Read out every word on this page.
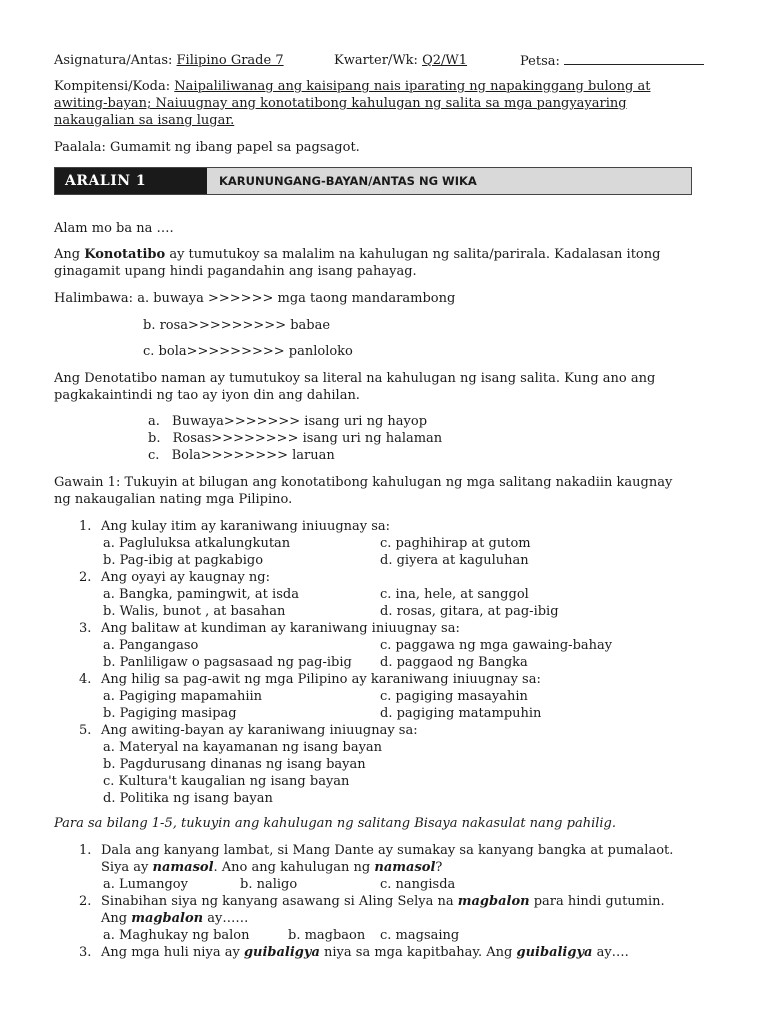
Asignatura/Antas: Filipino Grade 7	Kwarter/Wk: Q2/W1	Petsa:
Kompitensi/Koda: Naipaliliwanag ang kaisipang nais iparating ng napakinggang bulong at
awiting-bayan; Naiuugnay ang konotatibong kahulugan ng salita sa mga pangyayaring
nakaugalian sa isang lugar.
Paalala: Gumamit ng ibang papel sa pagsagot.
ARALIN 1	KARUNUNGANG-BAYAN/ANTAS NG WIKA
Alam mo ba na ….
Ang Konotatibo ay tumutukoy sa malalim na kahulugan ng salita/parirala. Kadalasan itong
ginagamit upang hindi pagandahin ang isang pahayag.
Halimbawa: a. buwaya >>>>>> mga taong mandarambong
b. rosa>>>>>>>>> babae
c. bola>>>>>>>>> panloloko
Ang Denotatibo naman ay tumutukoy sa literal na kahulugan ng isang salita. Kung ano ang
pagkakaintindi ng tao ay iyon din ang dahilan.
a. Buwaya>>>>>>> isang uri ng hayop
b. Rosas>>>>>>>> isang uri ng halaman
c. Bola>>>>>>>> laruan
Gawain 1: Tukuyin at bilugan ang konotatibong kahulugan ng mga salitang nakadiin kaugnay
ng nakaugalian nating mga Pilipino.
1. Ang kulay itim ay karaniwang iniuugnay sa:
a. Pagluluksa atkalungkutan	c. paghihirap at gutom
b. Pag-ibig at pagkabigo	d. giyera at kaguluhan
2. Ang oyayi ay kaugnay ng:
a. Bangka, pamingwit, at isda	c. ina, hele, at sanggol
b. Walis, bunot , at basahan	d. rosas, gitara, at pag-ibig
3. Ang balitaw at kundiman ay karaniwang iniuugnay sa:
a. Pangangaso	c. paggawa ng mga gawaing-bahay
b. Panliligaw o pagsasaad ng pag-ibig d. paggaod ng Bangka
4. Ang hilig sa pag-awit ng mga Pilipino ay karaniwang iniuugnay sa:
a. Pagiging mapamahiin	c. pagiging masayahin
b. Pagiging masipag	d. pagiging matampuhin
5. Ang awiting-bayan ay karaniwang iniuugnay sa:
a. Materyal na kayamanan ng isang bayan
b. Pagdurusang dinanas ng isang bayan
c. Kultura't kaugalian ng isang bayan
d. Politika ng isang bayan
Para sa bilang 1-5, tukuyin ang kahulugan ng salitang Bisaya nakasulat nang pahilig.
1. Dala ang kanyang lambat, si Mang Dante ay sumakay sa kanyang bangka at pumalaot.
Siya ay namasol. Ano ang kahulugan ng namasol?
a. Lumangoy	b. naligo	c. nangisda
2. Sinabihan siya ng kanyang asawang si Aling Selya na magbalon para hindi gutumin.
Ang magbalon ay……
a. Maghukay ng balon	b. magbaon c. magsaing
3. Ang mga huli niya ay guibaligya niya sa mga kapitbahay. Ang guibaligya ay….
